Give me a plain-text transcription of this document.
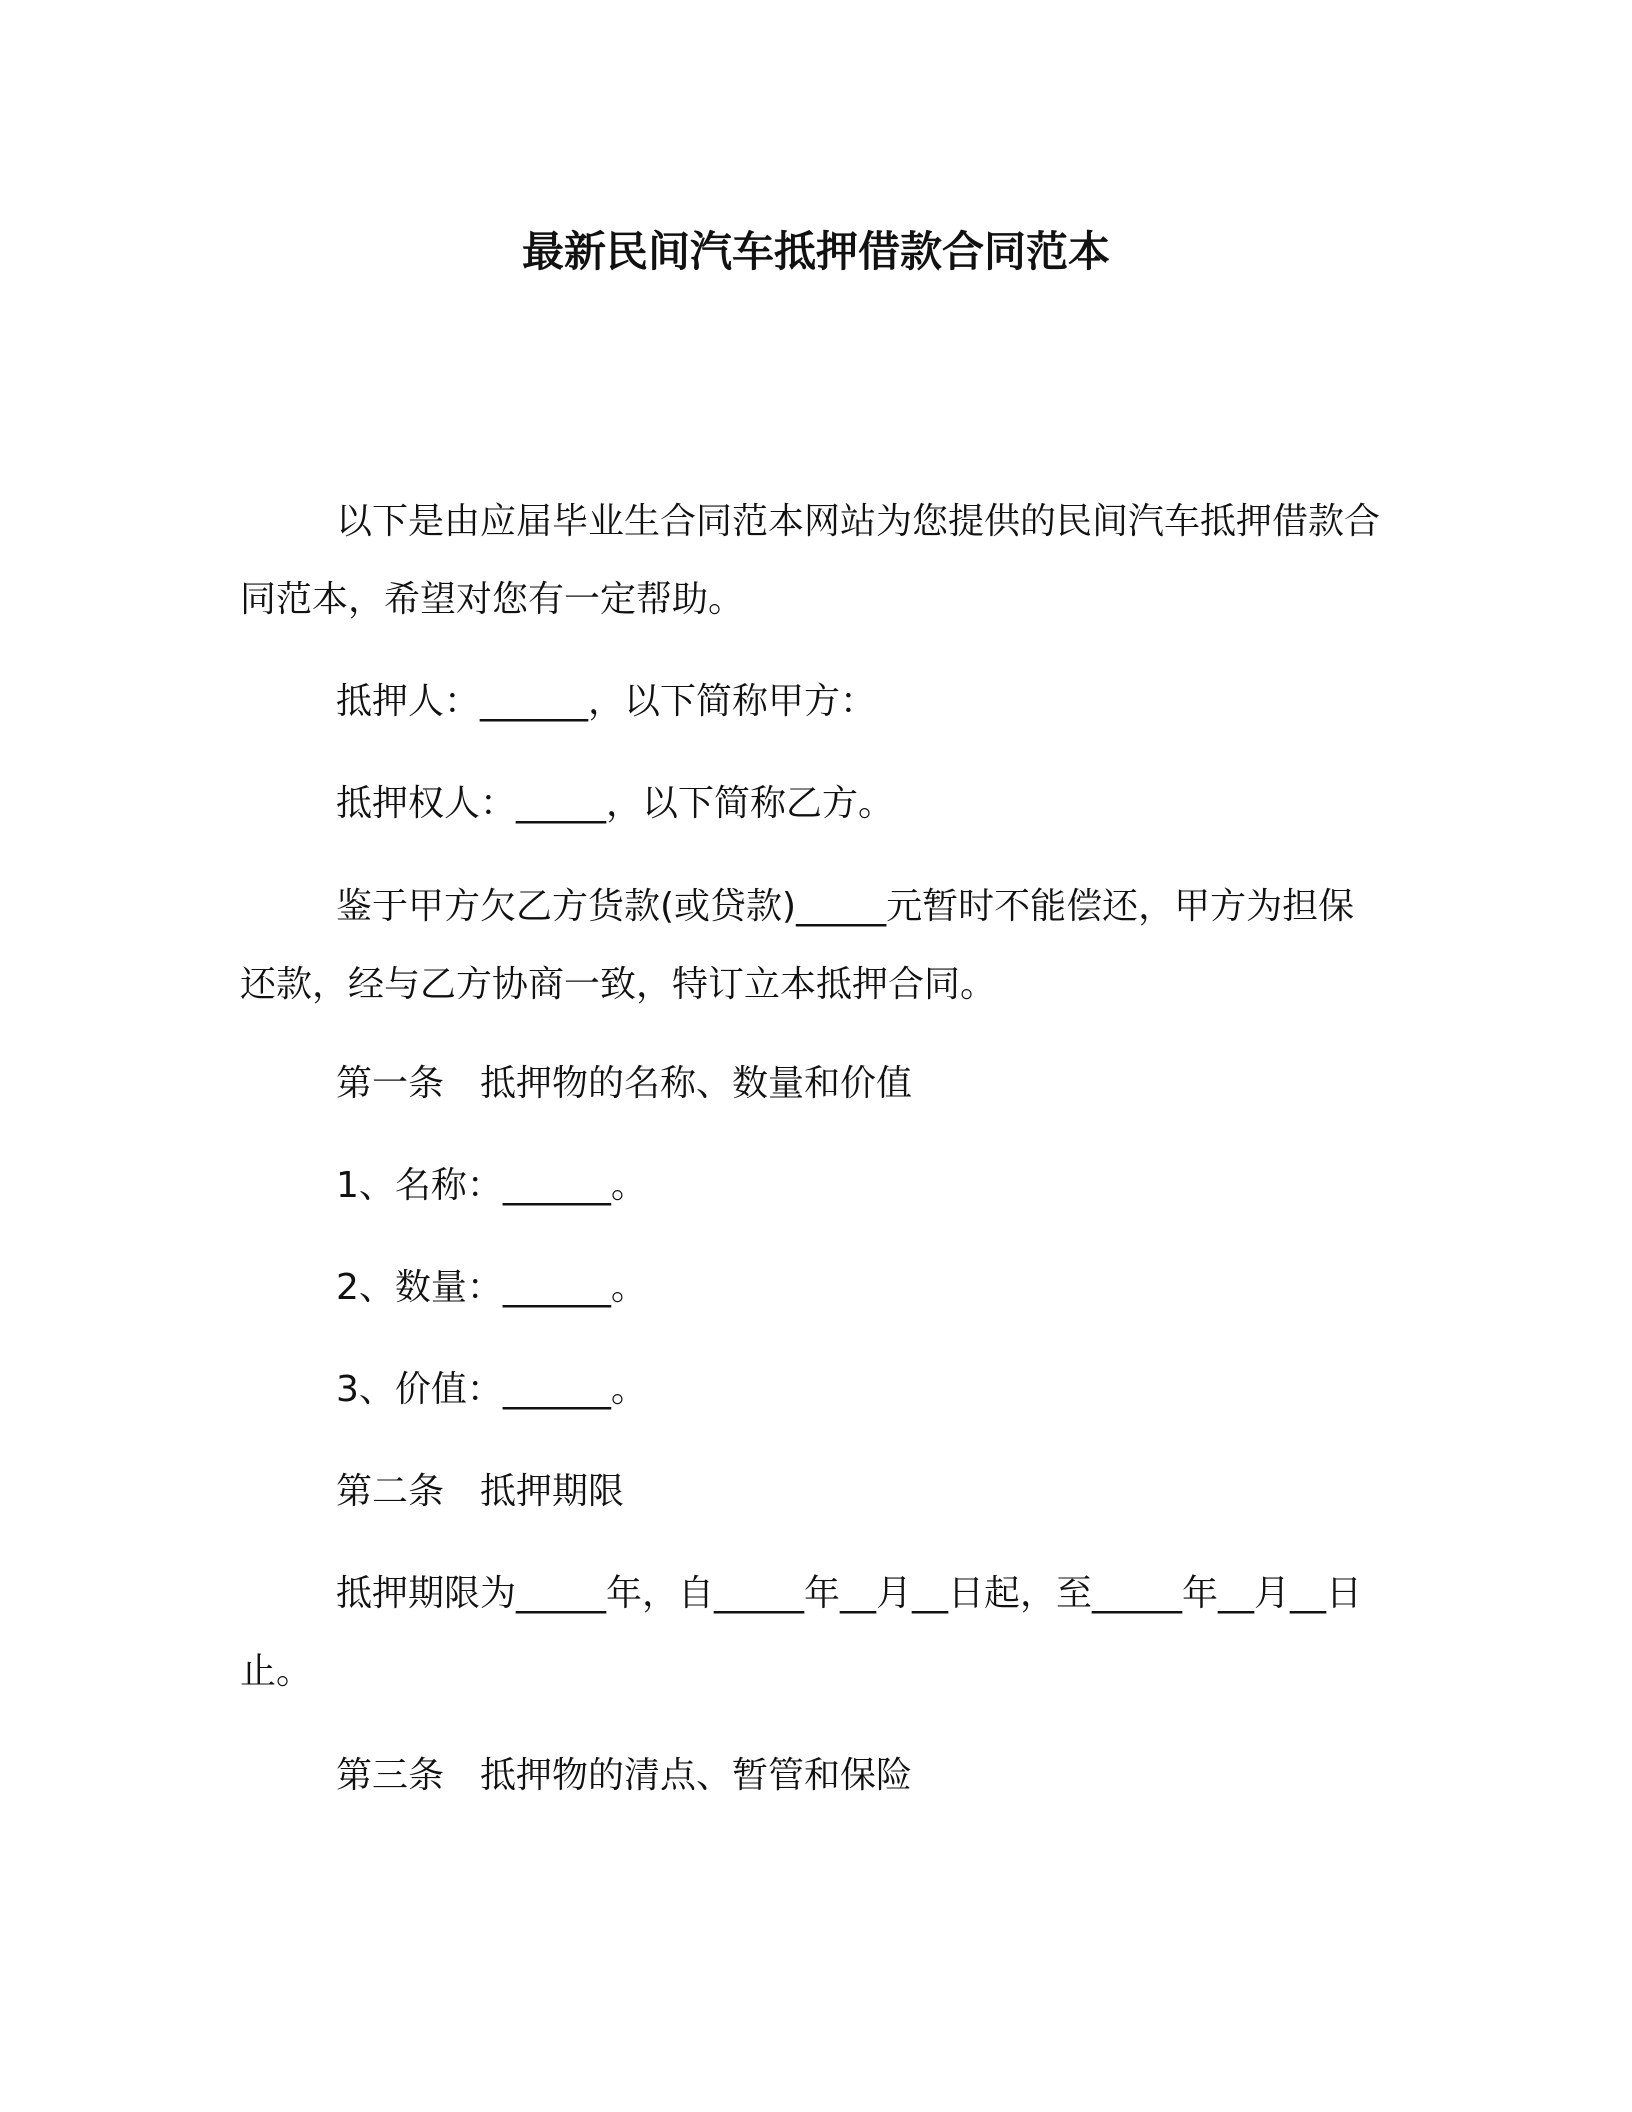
最新民间汽车抵押借款合同范本

以下是由应届毕业生合同范本网站为您提供的民间汽车抵押借款合同范本，希望对您有一定帮助。

抵押人：______，以下简称甲方：

抵押权人：_____，以下简称乙方。

鉴于甲方欠乙方货款(或贷款)_____元暂时不能偿还，甲方为担保还款，经与乙方协商一致，特订立本抵押合同。

第一条　抵押物的名称、数量和价值

1、名称：______。

2、数量：______。

3、价值：______。

第二条　抵押期限

抵押期限为_____年，自_____年__月__日起，至_____年__月__日止。

第三条　抵押物的清点、暂管和保险
